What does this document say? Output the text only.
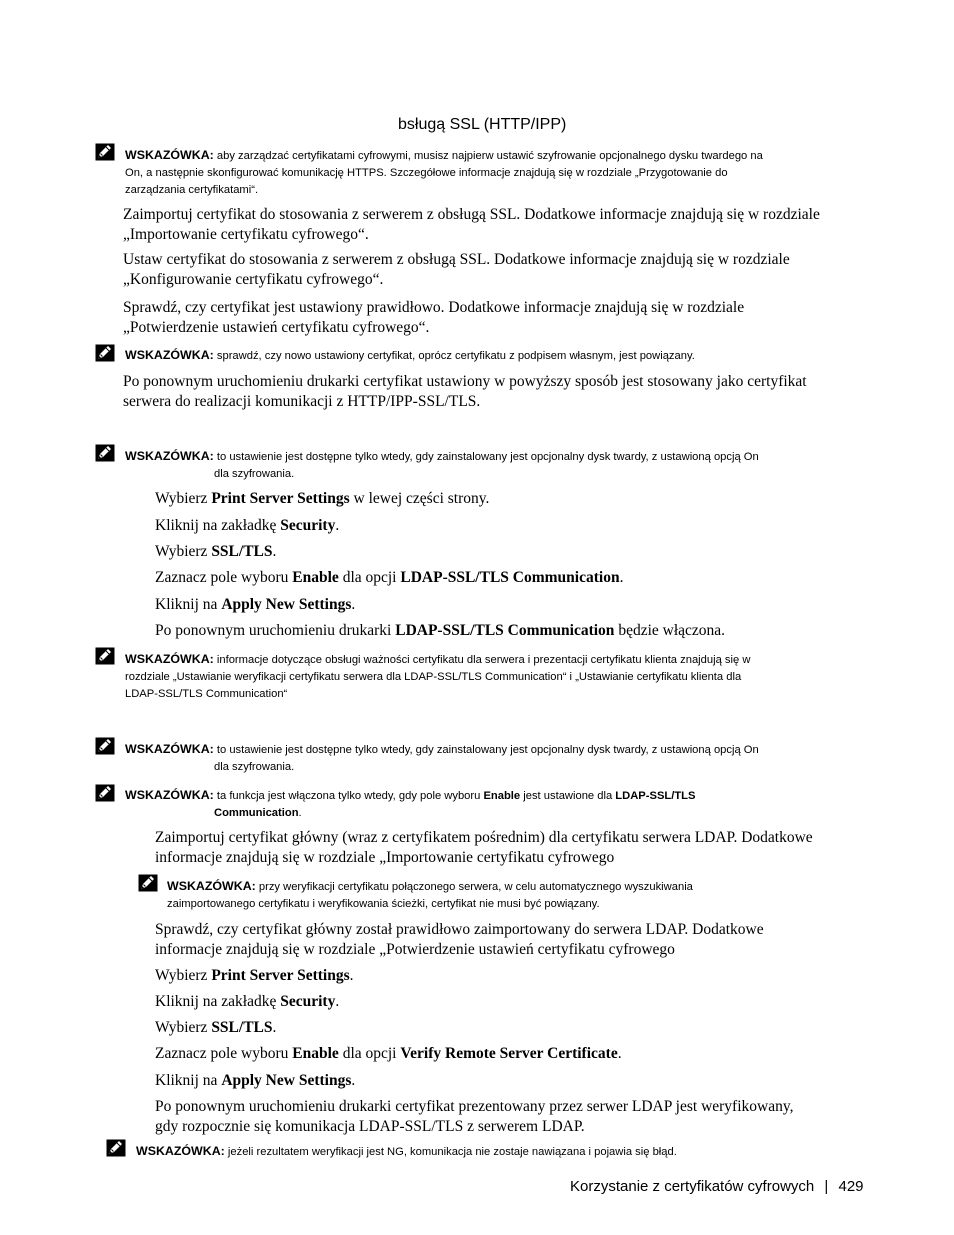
bsługą SSL (HTTP/IPP)
WSKAZÓWKA: aby zarządzać certyfikatami cyfrowymi, musisz najpierw ustawić szyfrowanie opcjonalnego dysku twardego na
On, a następnie skonfigurować komunikację HTTPS. Szczegółowe informacje znajdują się w rozdziale „Przygotowanie do
zarządzania certyfikatami“.
Zaimportuj certyfikat do stosowania z serwerem z obsługą SSL. Dodatkowe informacje znajdują się w rozdziale
„Importowanie certyfikatu cyfrowego“.
Ustaw certyfikat do stosowania z serwerem z obsługą SSL. Dodatkowe informacje znajdują się w rozdziale
„Konfigurowanie certyfikatu cyfrowego“.
Sprawdź, czy certyfikat jest ustawiony prawidłowo. Dodatkowe informacje znajdują się w rozdziale
„Potwierdzenie ustawień certyfikatu cyfrowego“.
WSKAZÓWKA: sprawdź, czy nowo ustawiony certyfikat, oprócz certyfikatu z podpisem własnym, jest powiązany.
Po ponownym uruchomieniu drukarki certyfikat ustawiony w powyższy sposób jest stosowany jako certyfikat
serwera do realizacji komunikacji z HTTP/IPP-SSL/TLS.
WSKAZÓWKA: to ustawienie jest dostępne tylko wtedy, gdy zainstalowany jest opcjonalny dysk twardy, z ustawioną opcją On
dla szyfrowania.
Wybierz Print Server Settings w lewej części strony.
Kliknij na zakładkę Security.
Wybierz SSL/TLS.
Zaznacz pole wyboru Enable dla opcji LDAP-SSL/TLS Communication.
Kliknij na Apply New Settings.
Po ponownym uruchomieniu drukarki LDAP-SSL/TLS Communication będzie włączona.
WSKAZÓWKA: informacje dotyczące obsługi ważności certyfikatu dla serwera i prezentacji certyfikatu klienta znajdują się w
rozdziale „Ustawianie weryfikacji certyfikatu serwera dla LDAP-SSL/TLS Communication“ i „Ustawianie certyfikatu klienta dla
LDAP-SSL/TLS Communication“
WSKAZÓWKA: to ustawienie jest dostępne tylko wtedy, gdy zainstalowany jest opcjonalny dysk twardy, z ustawioną opcją On
dla szyfrowania.
WSKAZÓWKA: ta funkcja jest włączona tylko wtedy, gdy pole wyboru Enable jest ustawione dla LDAP-SSL/TLS
Communication.
Zaimportuj certyfikat główny (wraz z certyfikatem pośrednim) dla certyfikatu serwera LDAP. Dodatkowe
informacje znajdują się w rozdziale „Importowanie certyfikatu cyfrowego
WSKAZÓWKA: przy weryfikacji certyfikatu połączonego serwera, w celu automatycznego wyszukiwania
zaimportowanego certyfikatu i weryfikowania ścieżki, certyfikat nie musi być powiązany.
Sprawdź, czy certyfikat główny został prawidłowo zaimportowany do serwera LDAP. Dodatkowe
informacje znajdują się w rozdziale „Potwierdzenie ustawień certyfikatu cyfrowego
Wybierz Print Server Settings.
Kliknij na zakładkę Security.
Wybierz SSL/TLS.
Zaznacz pole wyboru Enable dla opcji Verify Remote Server Certificate.
Kliknij na Apply New Settings.
Po ponownym uruchomieniu drukarki certyfikat prezentowany przez serwer LDAP jest weryfikowany,
gdy rozpocznie się komunikacja LDAP-SSL/TLS z serwerem LDAP.
WSKAZÓWKA: jeżeli rezultatem weryfikacji jest NG, komunikacja nie zostaje nawiązana i pojawia się błąd.
Korzystanie z certyfikatów cyfrowych | 429
